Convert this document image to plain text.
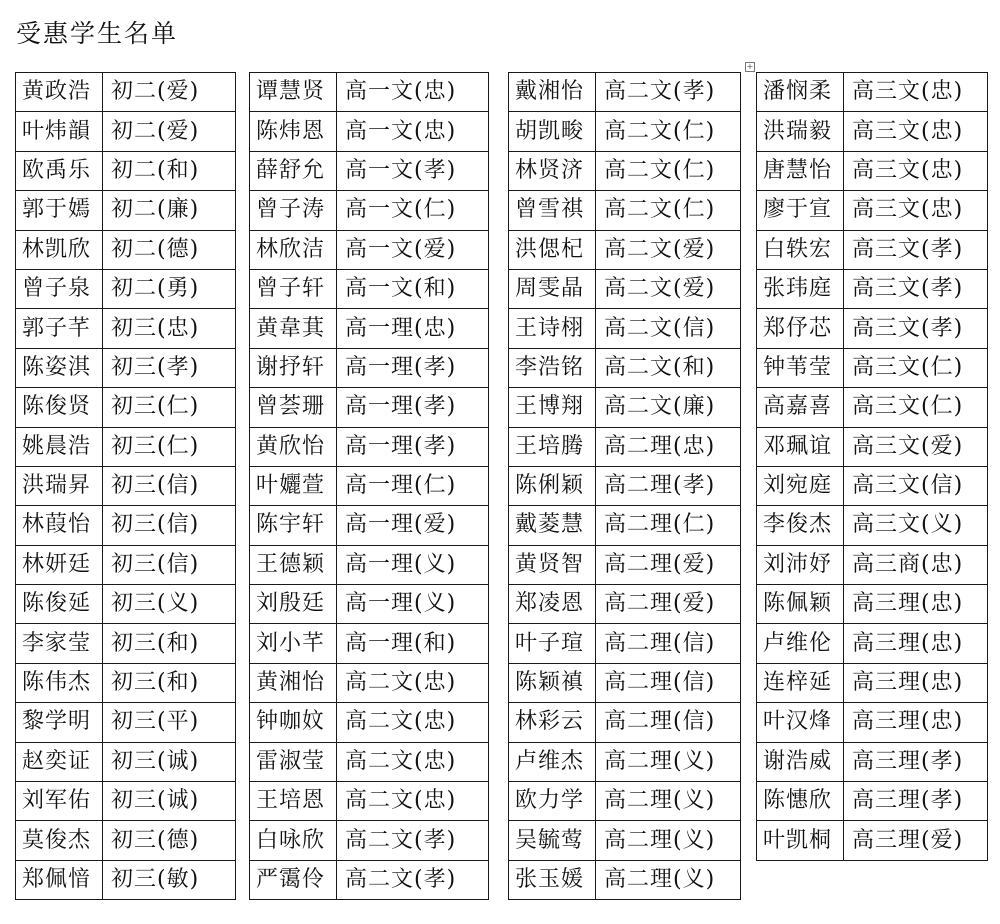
受惠学生名单
+
黄政浩	初二(爱)
叶炜韻	初二(爱)
欧禹乐	初二(和)
郭于嫣	初二(廉)
林凯欣	初二(德)
曾子泉	初二(勇)
郭子芊	初三(忠)
陈姿淇	初三(孝)
陈俊贤	初三(仁)
姚晨浩	初三(仁)
洪瑞昇	初三(信)
林葭怡	初三(信)
林妍廷	初三(信)
陈俊延	初三(义)
李家莹	初三(和)
陈伟杰	初三(和)
黎学明	初三(平)
赵奕证	初三(诚)
刘军佑	初三(诚)
莫俊杰	初三(德)
郑佩愔	初三(敏)
谭慧贤	高一文(忠)
陈炜恩	高一文(忠)
薛舒允	高一文(孝)
曾子涛	高一文(仁)
林欣洁	高一文(爱)
曾子轩	高一文(和)
黄韋萁	高一理(忠)
谢抒轩	高一理(孝)
曾荟珊	高一理(孝)
黄欣怡	高一理(孝)
叶孋萱	高一理(仁)
陈宇轩	高一理(爱)
王德颖	高一理(义)
刘殷廷	高一理(义)
刘小芊	高一理(和)
黄湘怡	高二文(忠)
钟咖妏	高二文(忠)
雷淑莹	高二文(忠)
王培恩	高二文(忠)
白咏欣	高二文(孝)
严霭伶	高二文(孝)
戴湘怡	高二文(孝)
胡凯畯	高二文(仁)
林贤济	高二文(仁)
曾雪祺	高二文(仁)
洪偲杞	高二文(爱)
周雯晶	高二文(爱)
王诗栩	高二文(信)
李浩铭	高二文(和)
王博翔	高二文(廉)
王培腾	高二理(忠)
陈俐颖	高二理(孝)
戴菱慧	高二理(仁)
黄贤智	高二理(爱)
郑凌恩	高二理(爱)
叶子瑄	高二理(信)
陈颖禛	高二理(信)
林彩云	高二理(信)
卢维杰	高二理(义)
欧力学	高二理(义)
吴毓莺	高二理(义)
张玉媛	高二理(义)
潘悯柔	高三文(忠)
洪瑞毅	高三文(忠)
唐慧怡	高三文(忠)
廖于宣	高三文(忠)
白轶宏	高三文(孝)
张玮庭	高三文(孝)
郑伃芯	高三文(孝)
钟苇莹	高三文(仁)
高嘉喜	高三文(仁)
邓珮谊	高三文(爱)
刘宛庭	高三文(信)
李俊杰	高三文(义)
刘沛妤	高三商(忠)
陈佩颖	高三理(忠)
卢维伦	高三理(忠)
连梓延	高三理(忠)
叶汉烽	高三理(忠)
谢浩威	高三理(孝)
陈憓欣	高三理(孝)
叶凯桐	高三理(爱)
